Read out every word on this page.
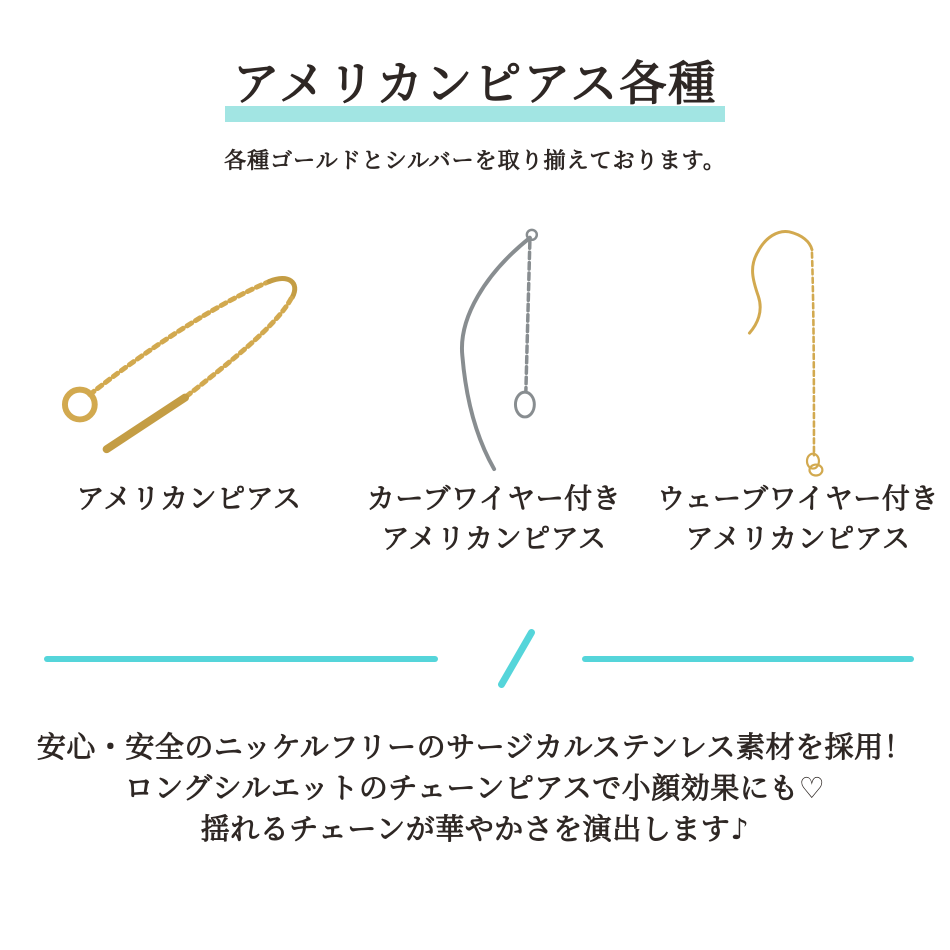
アメリカンピアス各種

各種ゴールドとシルバーを取り揃えております。

アメリカンピアス カーブワイヤー付き

アメリカンピアス

ウェーブワイヤー付き

アメリカンピアス

安心・安全のニッケルフリーのサージカルステンレス素材を採用！

ロングシルエットのチェーンピアスで小顔効果にも♡

揺れるチェーンが華やかさを演出します♪
